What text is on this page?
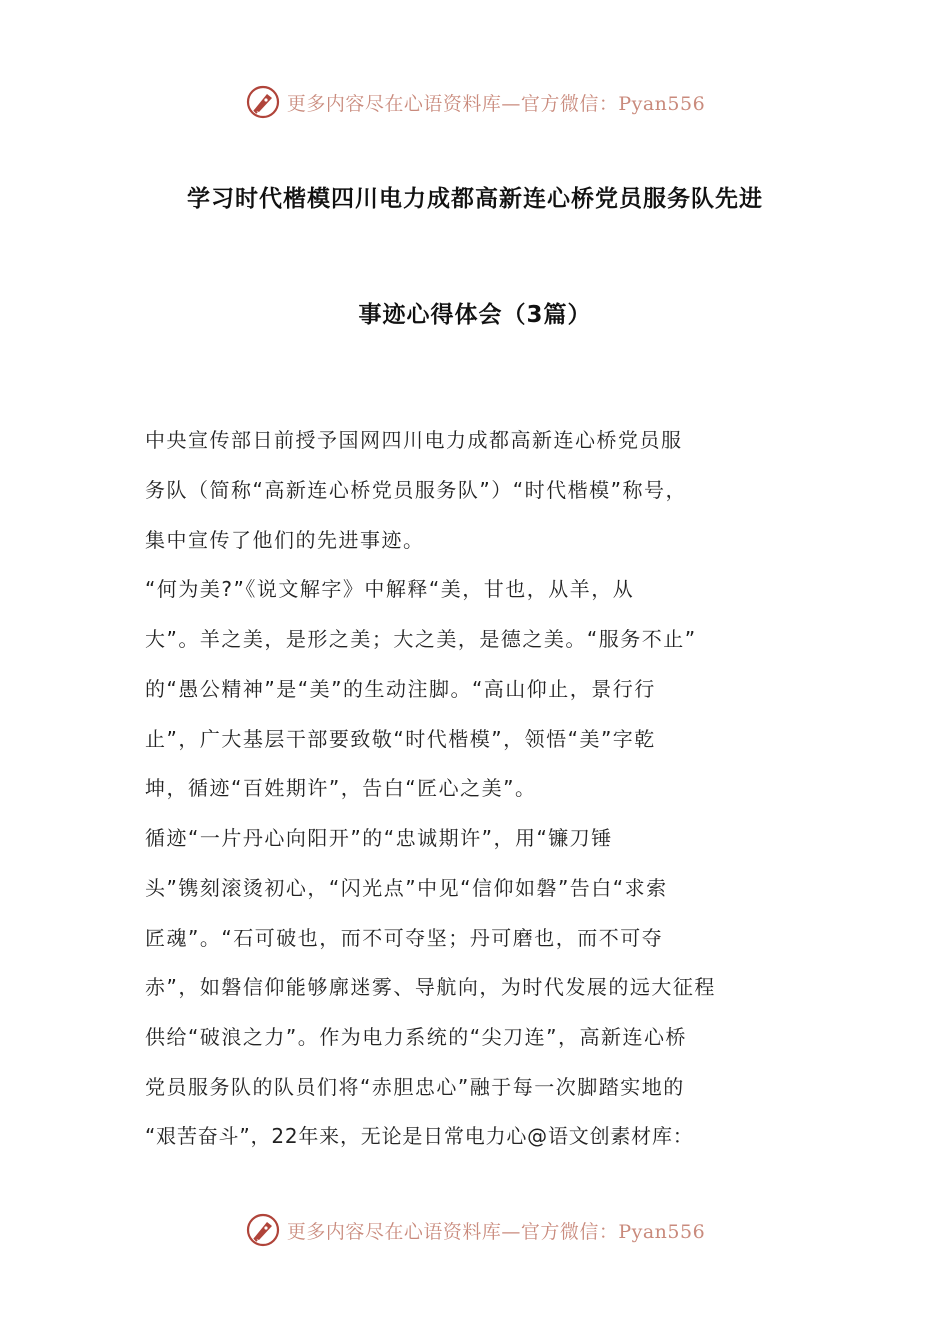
更多内容尽在心语资料库—官方微信：Pyan556
学习时代楷模四川电力成都高新连心桥党员服务队先进
事迹心得体会（3篇）
中央宣传部日前授予国网四川电力成都高新连心桥党员服
务队（简称“高新连心桥党员服务队”）“时代楷模”称号，
集中宣传了他们的先进事迹。
“何为美?”《说文解字》中解释“美，甘也，从羊，从
大”。羊之美，是形之美；大之美，是德之美。“服务不止”
的“愚公精神”是“美”的生动注脚。“高山仰止，景行行
止”，广大基层干部要致敬“时代楷模”，领悟“美”字乾
坤，循迹“百姓期许”，告白“匠心之美”。
循迹“一片丹心向阳开”的“忠诚期许”，用“镰刀锤
头”镌刻滚烫初心，“闪光点”中见“信仰如磐”告白“求索
匠魂”。“石可破也，而不可夺坚；丹可磨也，而不可夺
赤”，如磐信仰能够廓迷雾、导航向，为时代发展的远大征程
供给“破浪之力”。作为电力系统的“尖刀连”，高新连心桥
党员服务队的队员们将“赤胆忠心”融于每一次脚踏实地的
“艰苦奋斗”，22年来，无论是日常电力心@语文创素材库：
更多内容尽在心语资料库—官方微信：Pyan556
